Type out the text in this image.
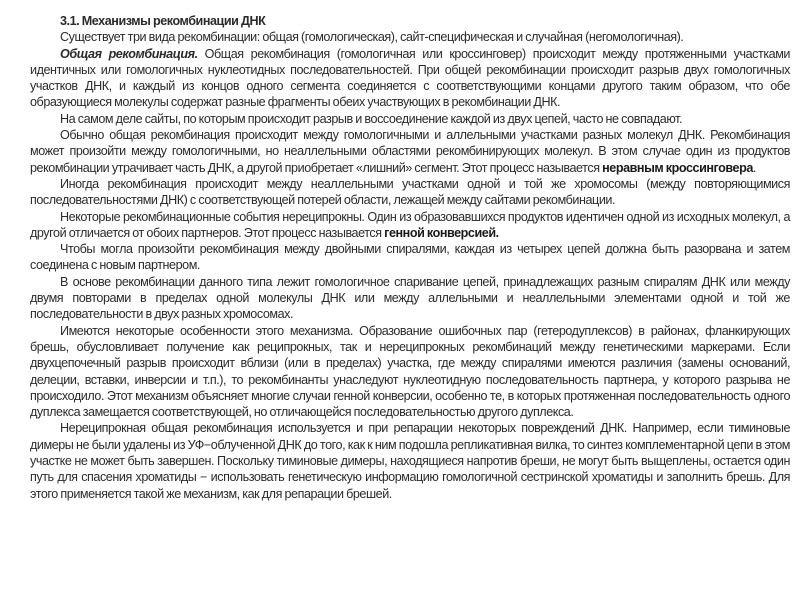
3.1. Механизмы рекомбинации ДНК

Существует три вида рекомбинации: общая (гомологическая), сайт-специфическая и случайная (негомологичная).

Общая рекомбинация. Общая рекомбинация (гомологичная или кроссинговер) происходит между протяженными участками идентичных или гомологичных нуклеотидных последовательностей. При общей рекомбинации происходит разрыв двух гомологичных участков ДНК, и каждый из концов одного сегмента соединяется с соответствующими концами другого таким образом, что обе образующиеся молекулы содержат разные фрагменты обеих участвующих в рекомбинации ДНК.

На самом деле сайты, по которым происходит разрыв и воссоединение каждой из двух цепей, часто не совпадают.

Обычно общая рекомбинация происходит между гомологичными и аллельными участками разных молекул ДНК. Рекомбинация может произойти между гомологичными, но неаллельными областями рекомбинирующих молекул. В этом случае один из продуктов рекомбинации утрачивает часть ДНК, а другой приобретает «лишний» сегмент. Этот процесс называется неравным кроссинговера.

Иногда рекомбинация происходит между неаллельными участками одной и той же хромосомы (между повторяющимися последовательностями ДНК) с соответствующей потерей области, лежащей между сайтами рекомбинации.

Некоторые рекомбинационные события нереципрокны. Один из образовавшихся продуктов идентичен одной из исходных молекул, а другой отличается от обоих партнеров. Этот процесс называется генной конверсией.

Чтобы могла произойти рекомбинация между двойными спиралями, каждая из четырех цепей должна быть разорвана и затем соединена с новым партнером.

В основе рекомбинации данного типа лежит гомологичное спаривание цепей, принадлежащих разным спиралям ДНК или между двумя повторами в пределах одной молекулы ДНК или между аллельными и неаллельными элементами одной и той же последовательности в двух разных хромосомах.

Имеются некоторые особенности этого механизма. Образование ошибочных пар (гетеродуплексов) в районах, фланкирующих брешь, обусловливает получение как реципрокных, так и нереципрокных рекомбинаций между генетическими маркерами. Если двухцепочечный разрыв происходит вблизи (или в пределах) участка, где между спиралями имеются различия (замены оснований, делеции, вставки, инверсии и т.п.), то рекомбинанты унаследуют нуклеотидную последовательность партнера, у которого разрыва не происходило. Этот механизм объясняет многие случаи генной конверсии, особенно те, в которых протяженная последовательность одного дуплекса замещается соответствующей, но отличающейся последовательностью другого дуплекса.

Нереципрокная общая рекомбинация используется и при репарации некоторых повреждений ДНК. Например, если тиминовые димеры не были удалены из УФ−облученной ДНК до того, как к ним подошла репликативная вилка, то синтез комплементарной цепи в этом участке не может быть завершен. Поскольку тиминовые димеры, находящиеся напротив бреши, не могут быть выщеплены, остается один путь для спасения хроматиды − использовать генетическую информацию гомологичной сестринской хроматиды и заполнить брешь. Для этого применяется такой же механизм, как для репарации брешей.
